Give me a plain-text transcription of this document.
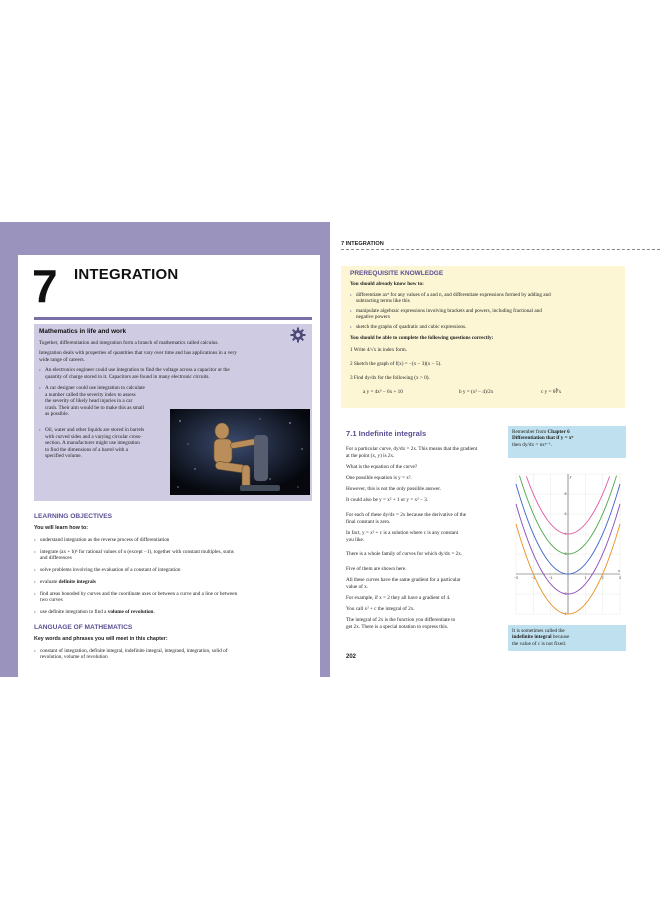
7 INTEGRATION
Mathematics in life and work
Together, differentiation and integration form a branch of mathematics called calculus.
Integration deals with properties of quantities that vary over time and has applications in a very
wide range of careers.
› An electronics engineer could use integration to find the voltage across a capacitor or the
quantity of charge stored in it. Capacitors are found in many electronic circuits.
› A car designer could use integration to calculate
a number called the severity index to assess
the severity of likely head injuries in a car
crash. Their aim would be to make this as small
as possible.
› Oil, water and other liquids are stored in barrels
with curved sides and a varying circular cross-
section. A manufacturer might use integration
to find the dimensions of a barrel with a
specified volume.
LEARNING OBJECTIVES
You will learn how to:
› understand integration as the reverse process of differentiation
› integrate (ax + b)ⁿ for rational values of n (except −1), together with constant multiples, sums
and differences
› solve problems involving the evaluation of a constant of integration
› evaluate definite integrals
› find areas bounded by curves and the coordinate axes or between a curve and a line or between
two curves
› use definite integration to find a volume of revolution.
LANGUAGE OF MATHEMATICS
Key words and phrases you will meet in this chapter:
› constant of integration, definite integral, indefinite integral, integrand, integration, solid of
revolution, volume of revolution
7 INTEGRATION
PREREQUISITE KNOWLEDGE
You should already know how to:
› differentiate axⁿ for any values of a and n, and differentiate expressions formed by adding and
subtracting terms like this
› manipulate algebraic expressions involving brackets and powers, including fractional and
negative powers
› sketch the graphs of quadratic and cubic expressions.
You should be able to complete the following questions correctly:
1 Write 4/√x in index form.
2 Sketch the graph of f(x) = −(x − 3)(x − 5).
3 Find dy/dx for the following (x > 0).
a y = 4x³ − 6x + 10	b y = (x² − 4)/2x	c y = 6∛x
7.1 Indefinite integrals
For a particular curve, dy/dx = 2x. This means that the gradient
at the point (x, y) is 2x.
What is the equation of the curve?
One possible equation is y = x².
However, this is not the only possible answer.
It could also be y = x² + 1 or y = x² − 3.
For each of these dy/dx = 2x because the derivative of the
final constant is zero.
In fact, y = x² + c is a solution where c is any constant
you like.
There is a whole family of curves for which dy/dx = 2x.
Five of them are shown here.
All these curves have the same gradient for a particular
value of x.
For example, if x = 2 they all have a gradient of 4.
You call x² + c the integral of 2x.
The integral of 2x is the function you differentiate to
get 2x. There is a special notation to express this.
Remember from Chapter 6
Differentiation that if y = xⁿ
then dy/dx = nxⁿ⁻¹.
−3	−2	−1	1	2	3
8
6
4
2
−2
−4
x
y
It is sometimes called the
indefinite integral because
the value of c is not fixed.
202
